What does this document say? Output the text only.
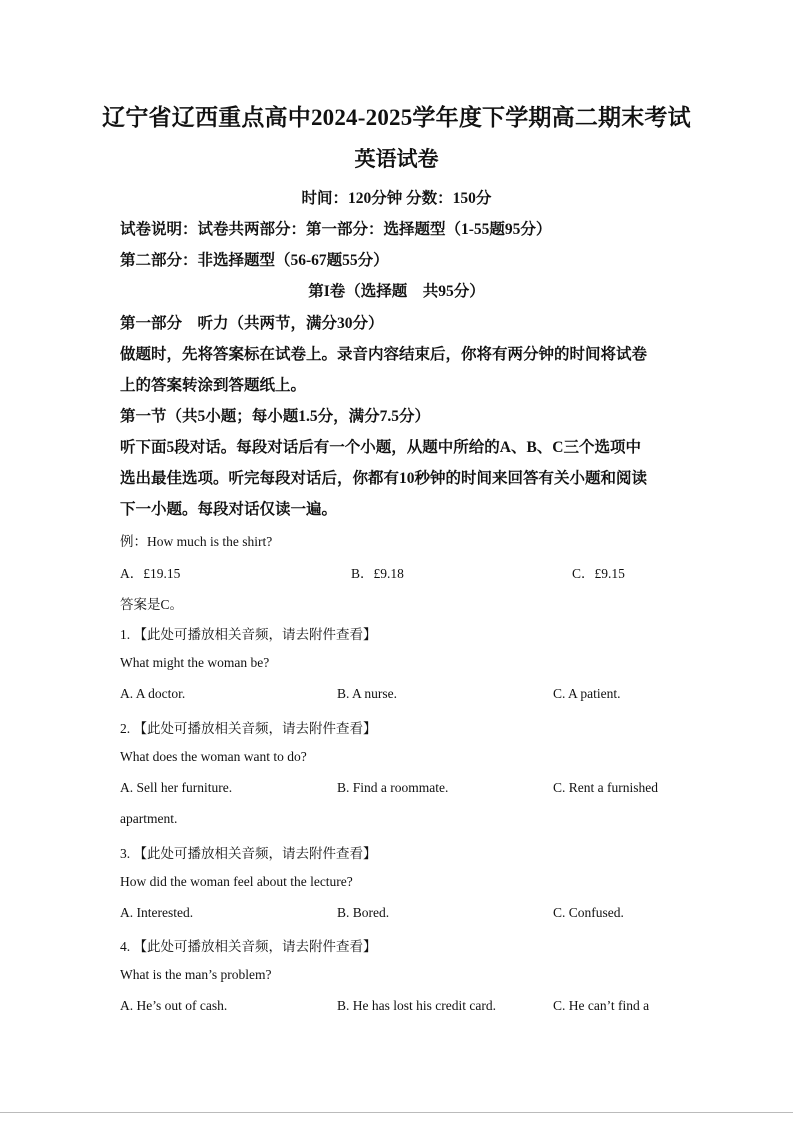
辽宁省辽西重点高中2024-2025学年度下学期高二期末考试
英语试卷
时间：120分钟 分数：150分
试卷说明：试卷共两部分：第一部分：选择题型（1-55题95分）
第二部分：非选择题型（56-67题55分）
第I卷（选择题　共95分）
第一部分　听力（共两节，满分30分）
做题时，先将答案标在试卷上。录音内容结束后，你将有两分钟的时间将试卷
上的答案转涂到答题纸上。
第一节（共5小题；每小题1.5分，满分7.5分）
听下面5段对话。每段对话后有一个小题，从题中所给的A、B、C三个选项中
选出最佳选项。听完每段对话后，你都有10秒钟的时间来回答有关小题和阅读
下一小题。每段对话仅读一遍。
例：How much is the shirt?
A．£19.15	B．£9.18	C．£9.15
答案是C。
1. 【此处可播放相关音频，请去附件查看】
What might the woman be?
A. A doctor.	B. A nurse.	C. A patient.
2. 【此处可播放相关音频，请去附件查看】
What does the woman want to do?
A. Sell her furniture.	B. Find a roommate.	C. Rent a furnished
apartment.
3. 【此处可播放相关音频，请去附件查看】
How did the woman feel about the lecture?
A. Interested.	B. Bored.	C. Confused.
4. 【此处可播放相关音频，请去附件查看】
What is the man’s problem?
A. He’s out of cash.	B. He has lost his credit card.	C. He can’t find a
